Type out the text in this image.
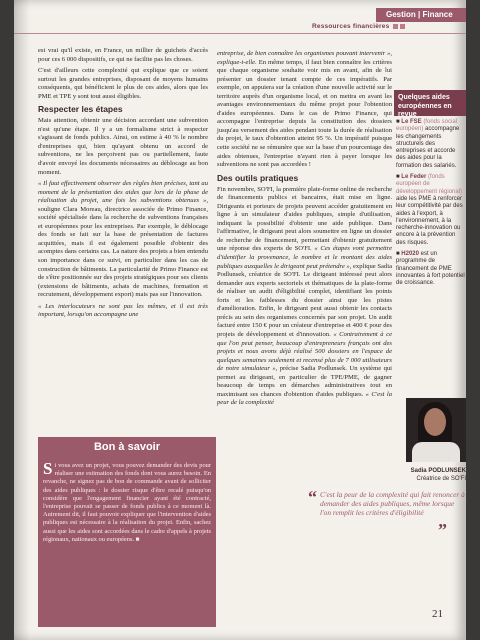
Gestion | Finance
Ressources financières

est vrai qu'il existe, en France, un millier de guichets d'accès pour ces 6 000 dispositifs, ce qui ne facilite pas les choses.

C'est d'ailleurs cette complexité qui explique que ce soient surtout les grandes entreprises, disposant de moyens humains conséquents, qui bénéficient le plus de ces aides, alors que les PME et TPE y sont tout aussi éligibles.

Respecter les étapes

Mais attention, obtenir une décision accordant une subvention n'est qu'une étape. Il y a un formalisme strict à respecter s'agissant de fonds publics. Ainsi, on estime à 40 % le nombre d'entreprises qui, bien qu'ayant obtenu un accord de subventions, ne les perçoivent pas ou partiellement, faute d'avoir envoyé les documents nécessaires au déblocage au bon moment.

« Il faut effectivement observer des règles bien précises, tant au moment de la présentation des aides que lors de la phase de réalisation du projet, une fois les subventions obtenues », souligne Clara Moreau, directrice associée de Primo Finance, société spécialisée dans la recherche de subventions françaises et européennes pour les entreprises. Par exemple, le déblocage des fonds se fait sur la base de présentation de factures acquittées, mais il est également possible d'obtenir des acomptes dans certains cas. La nature des projets a bien entendu son importance dans ce suivi, en particulier dans les cas de construction de bâtiments. La particularité de Primo Finance est de s'être positionnée sur des projets stratégiques pour ses clients (extensions de bâtiments, achats de machines, formation et recrutement, développement export) mais pas sur l'innovation.

« Les interlocuteurs ne sont pas les mêmes, et il est très important, lorsqu'on accompagne une

Bon à savoir
Si vous avez un projet, vous pouvez demander des devis pour réaliser une estimation des fonds dont vous aurez besoin. En revanche, ne signez pas de bon de commande avant de solliciter des aides publiques : le dossier risque d'être recalé puisqu'on considère que l'engagement financier ayant été contracté, l'entreprise pouvait se passer de fonds publics à ce moment là. Autrement dit, il faut pouvoir expliquer que l'intervention d'aides publiques est nécessaire à la réalisation du projet. Enfin, sachez aussi que les aides sont accordées dans le cadre d'appels à projets régionaux, nationaux ou européens. ■

entreprise, de bien connaître les organismes pouvant intervenir », explique-t-elle. En même temps, il faut bien connaître les critères que chaque organisme souhaite voir mis en avant, afin de lui présenter un dossier tenant compte de ces impératifs. Par exemple, on appuiera sur la création d'une nouvelle activité sur le territoire auprès d'un organisme local, et on mettra en avant les avantages environnementaux du même projet pour l'obtention d'aides européennes. Dans le cas de Primo Finance, qui accompagne l'entreprise depuis la constitution des dossiers jusqu'au versement des aides pendant toute la durée de réalisation du projet, le taux d'obtention atteint 95 %. Un impératif puisque cette société ne se rémunère que sur la base d'un pourcentage des aides obtenues, l'entreprise n'ayant rien à payer lorsque les subventions ne sont pas accordées !

Des outils pratiques

Fin novembre, SO'FI, la première plate-forme online de recherche de financements publics et bancaires, était mise en ligne. Dirigeants et porteurs de projets peuvent accéder gratuitement en ligne à un simulateur d'aides publiques, simple d'utilisation, indiquant la possibilité d'obtenir une aide publique. Dans l'affirmative, le dirigeant peut alors soumettre en ligne un dossier de recherche de financement, permettant d'obtenir gratuitement une réponse des experts de SO'FI. « Ces étapes vont permettre d'identifier la provenance, le nombre et le montant des aides publiques auxquelles le dirigeant peut prétendre », explique Sadia Podlunsek, créatrice de SO'FI. Le dirigeant intéressé peut alors demander aux experts sectoriels et thématiques de la plate-forme de réaliser un audit d'éligibilité complet, identifiant les points forts et les faiblesses du dossier ainsi que les pistes d'amélioration. Enfin, le dirigeant peut aussi obtenir les contacts précis au sein des organismes concernés par son projet. Un audit facturé entre 150 € pour un créateur d'entreprise et 400 € pour des projets de développement et d'innovation. « Contrairement à ce que l'on peut penser, beaucoup d'entrepreneurs français ont des projets et nous avons déjà réalisé 500 dossiers en l'espace de quelques semaines seulement et recensé plus de 7 000 utilisateurs de notre simulateur », précise Sadia Podlunsek. Un système qui permet au dirigeant, en particulier de TPE/PME, de gagner beaucoup de temps en démarches administratives tout en maximisant ses chances d'obtention d'aides publiques. « C'est la peur de la complexité

Quelques aides européennes en revue
■ Le FSE (fonds social européen) accompagne les changements structurels des entreprises et accorde des aides pour la formation des salariés.
■ Le Feder (fonds européen de développement régional) aide les PME à renforcer leur compétitivité par des aides à l'export, à l'environnement, à la recherche-innovation ou encore à la prévention des risques.
■ H2020 est un programme de financement de PME innovantes à fort potentiel de croissance.
Sadia PODLUNSEK
Créatrice de SO'FI
“ C'est la peur de la complexité qui fait renoncer à demander des aides publiques, même lorsque l'on remplit les critères d'éligibilité
”
21
